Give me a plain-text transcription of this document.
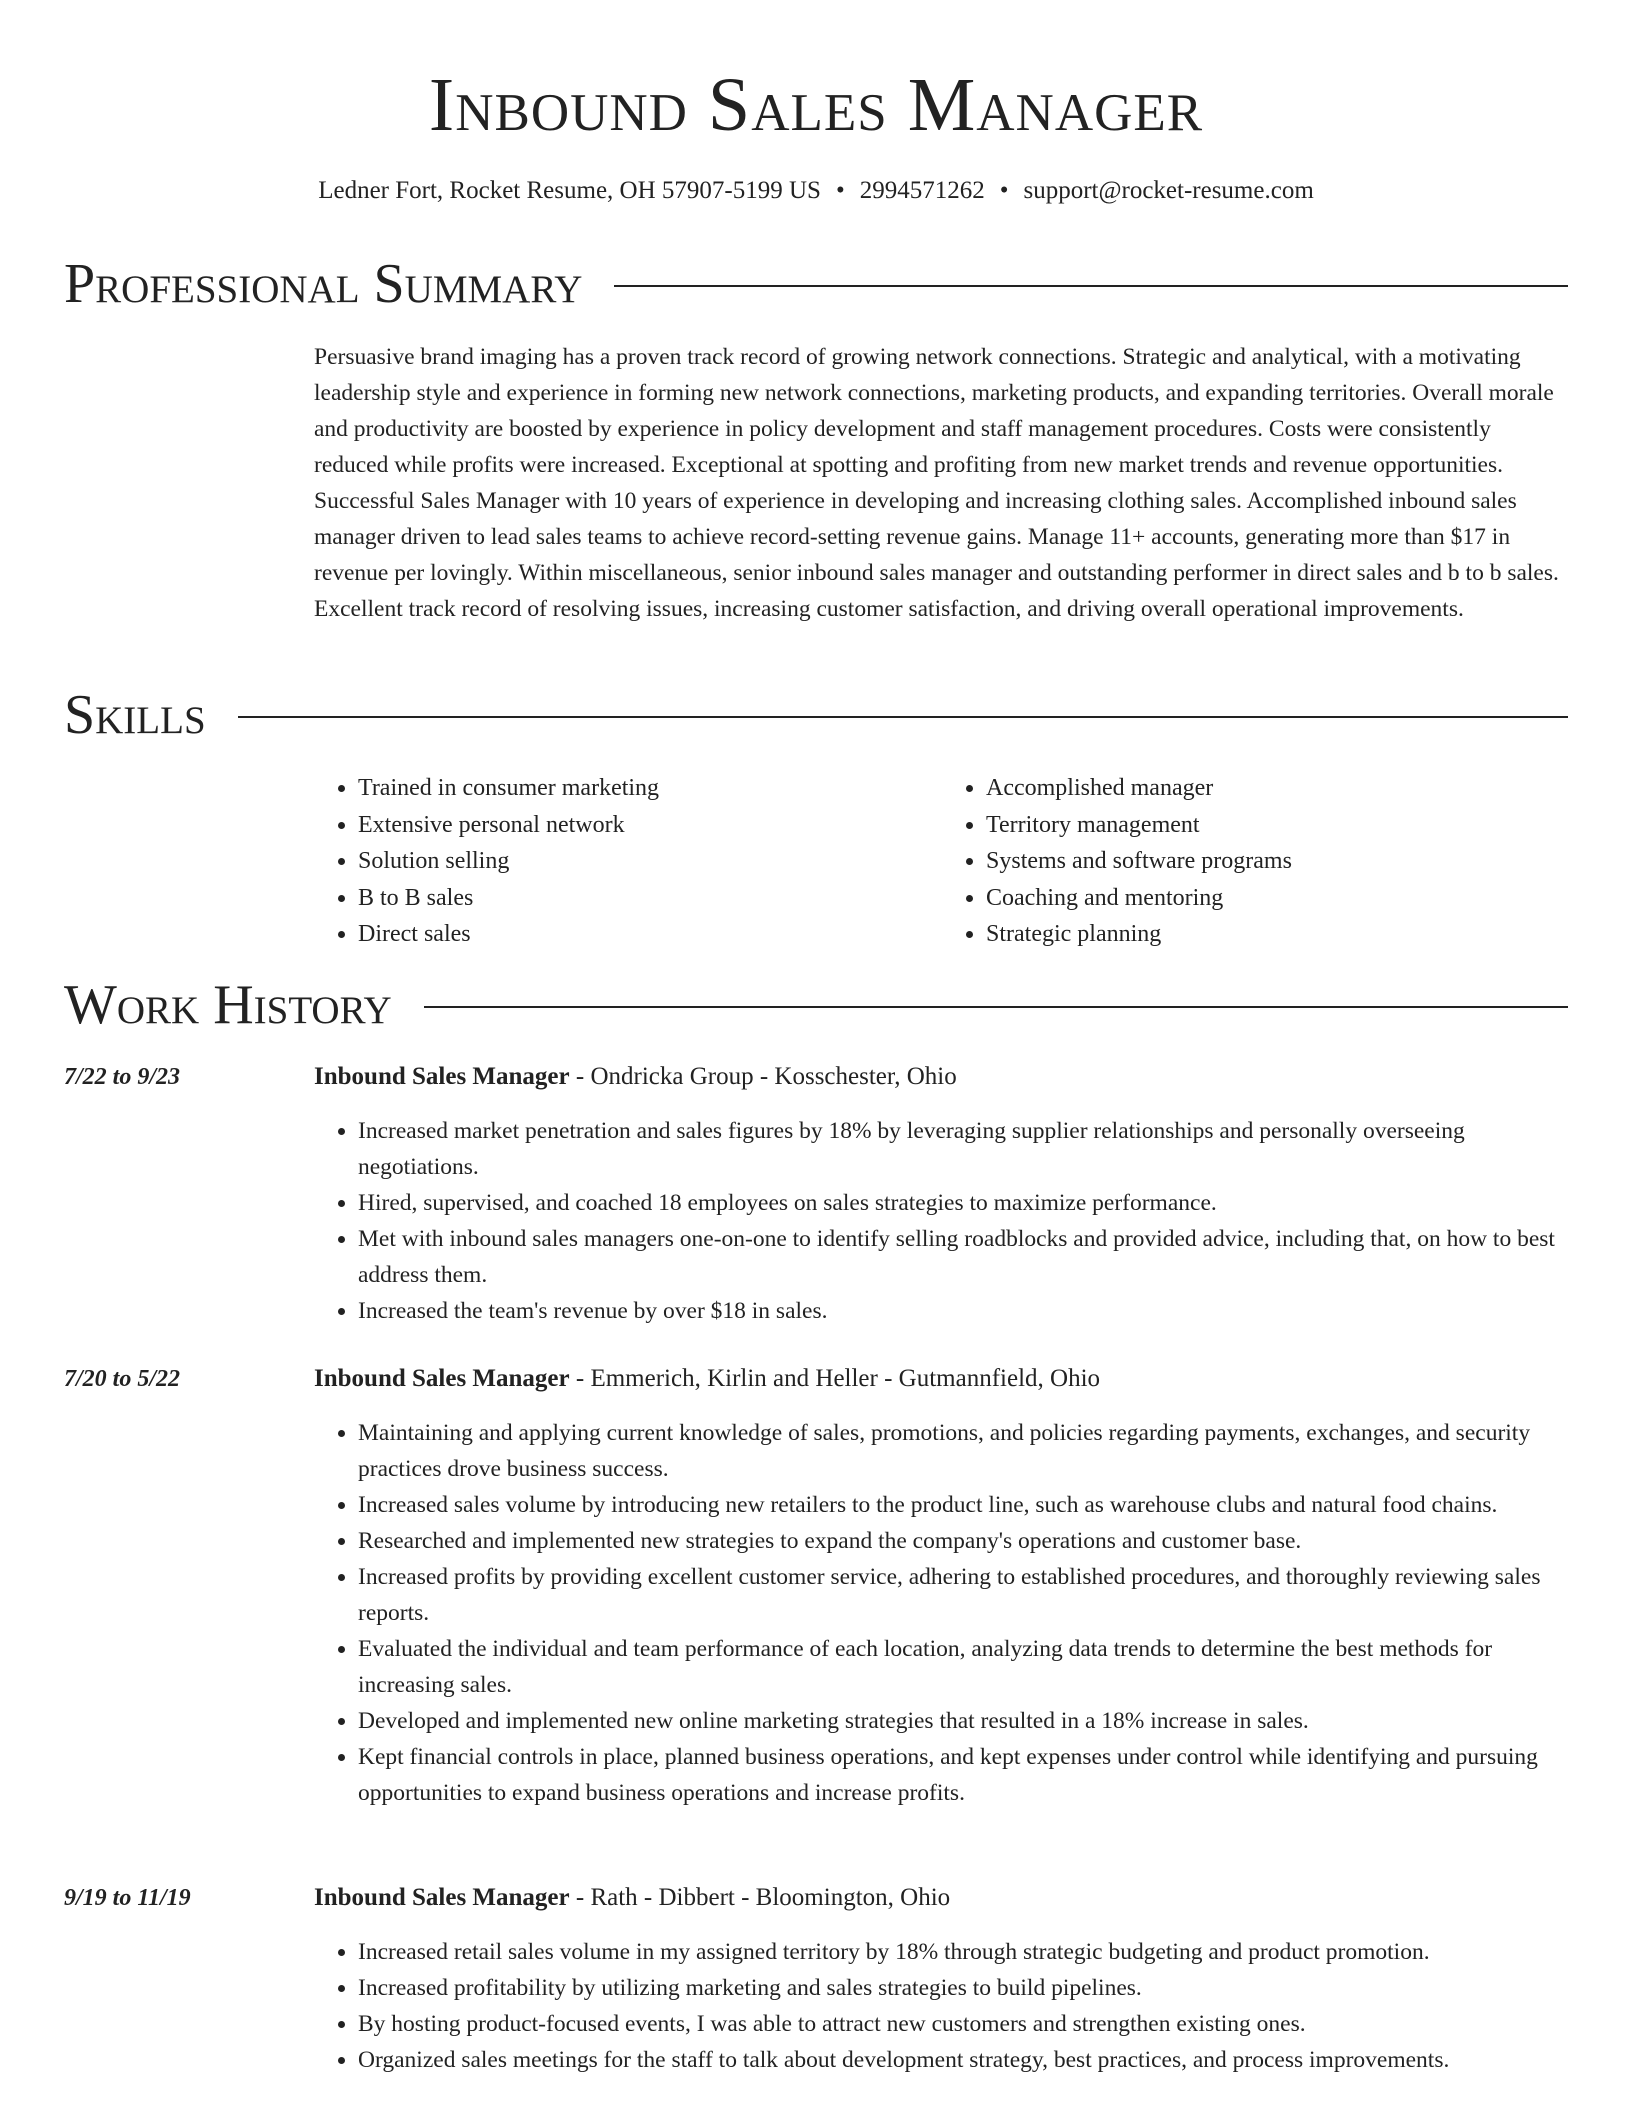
Inbound Sales Manager
Ledner Fort, Rocket Resume, OH 57907-5199 US • 2994571262 • support@rocket-resume.com
Professional Summary
Persuasive brand imaging has a proven track record of growing network connections. Strategic and analytical, with a motivating leadership style and experience in forming new network connections, marketing products, and expanding territories. Overall morale and productivity are boosted by experience in policy development and staff management procedures. Costs were consistently reduced while profits were increased. Exceptional at spotting and profiting from new market trends and revenue opportunities. Successful Sales Manager with 10 years of experience in developing and increasing clothing sales. Accomplished inbound sales manager driven to lead sales teams to achieve record-setting revenue gains. Manage 11+ accounts, generating more than $17 in revenue per lovingly. Within miscellaneous, senior inbound sales manager and outstanding performer in direct sales and b to b sales. Excellent track record of resolving issues, increasing customer satisfaction, and driving overall operational improvements.
Skills
• Trained in consumer marketing
• Extensive personal network
• Solution selling
• B to B sales
• Direct sales
• Accomplished manager
• Territory management
• Systems and software programs
• Coaching and mentoring
• Strategic planning
Work History
7/22 to 9/23	Inbound Sales Manager - Ondricka Group - Kosschester, Ohio
• Increased market penetration and sales figures by 18% by leveraging supplier relationships and personally overseeing negotiations.
• Hired, supervised, and coached 18 employees on sales strategies to maximize performance.
• Met with inbound sales managers one-on-one to identify selling roadblocks and provided advice, including that, on how to best address them.
• Increased the team's revenue by over $18 in sales.
7/20 to 5/22	Inbound Sales Manager - Emmerich, Kirlin and Heller - Gutmannfield, Ohio
• Maintaining and applying current knowledge of sales, promotions, and policies regarding payments, exchanges, and security practices drove business success.
• Increased sales volume by introducing new retailers to the product line, such as warehouse clubs and natural food chains.
• Researched and implemented new strategies to expand the company's operations and customer base.
• Increased profits by providing excellent customer service, adhering to established procedures, and thoroughly reviewing sales reports.
• Evaluated the individual and team performance of each location, analyzing data trends to determine the best methods for increasing sales.
• Developed and implemented new online marketing strategies that resulted in a 18% increase in sales.
• Kept financial controls in place, planned business operations, and kept expenses under control while identifying and pursuing opportunities to expand business operations and increase profits.
9/19 to 11/19	Inbound Sales Manager - Rath - Dibbert - Bloomington, Ohio
• Increased retail sales volume in my assigned territory by 18% through strategic budgeting and product promotion.
• Increased profitability by utilizing marketing and sales strategies to build pipelines.
• By hosting product-focused events, I was able to attract new customers and strengthen existing ones.
• Organized sales meetings for the staff to talk about development strategy, best practices, and process improvements.
